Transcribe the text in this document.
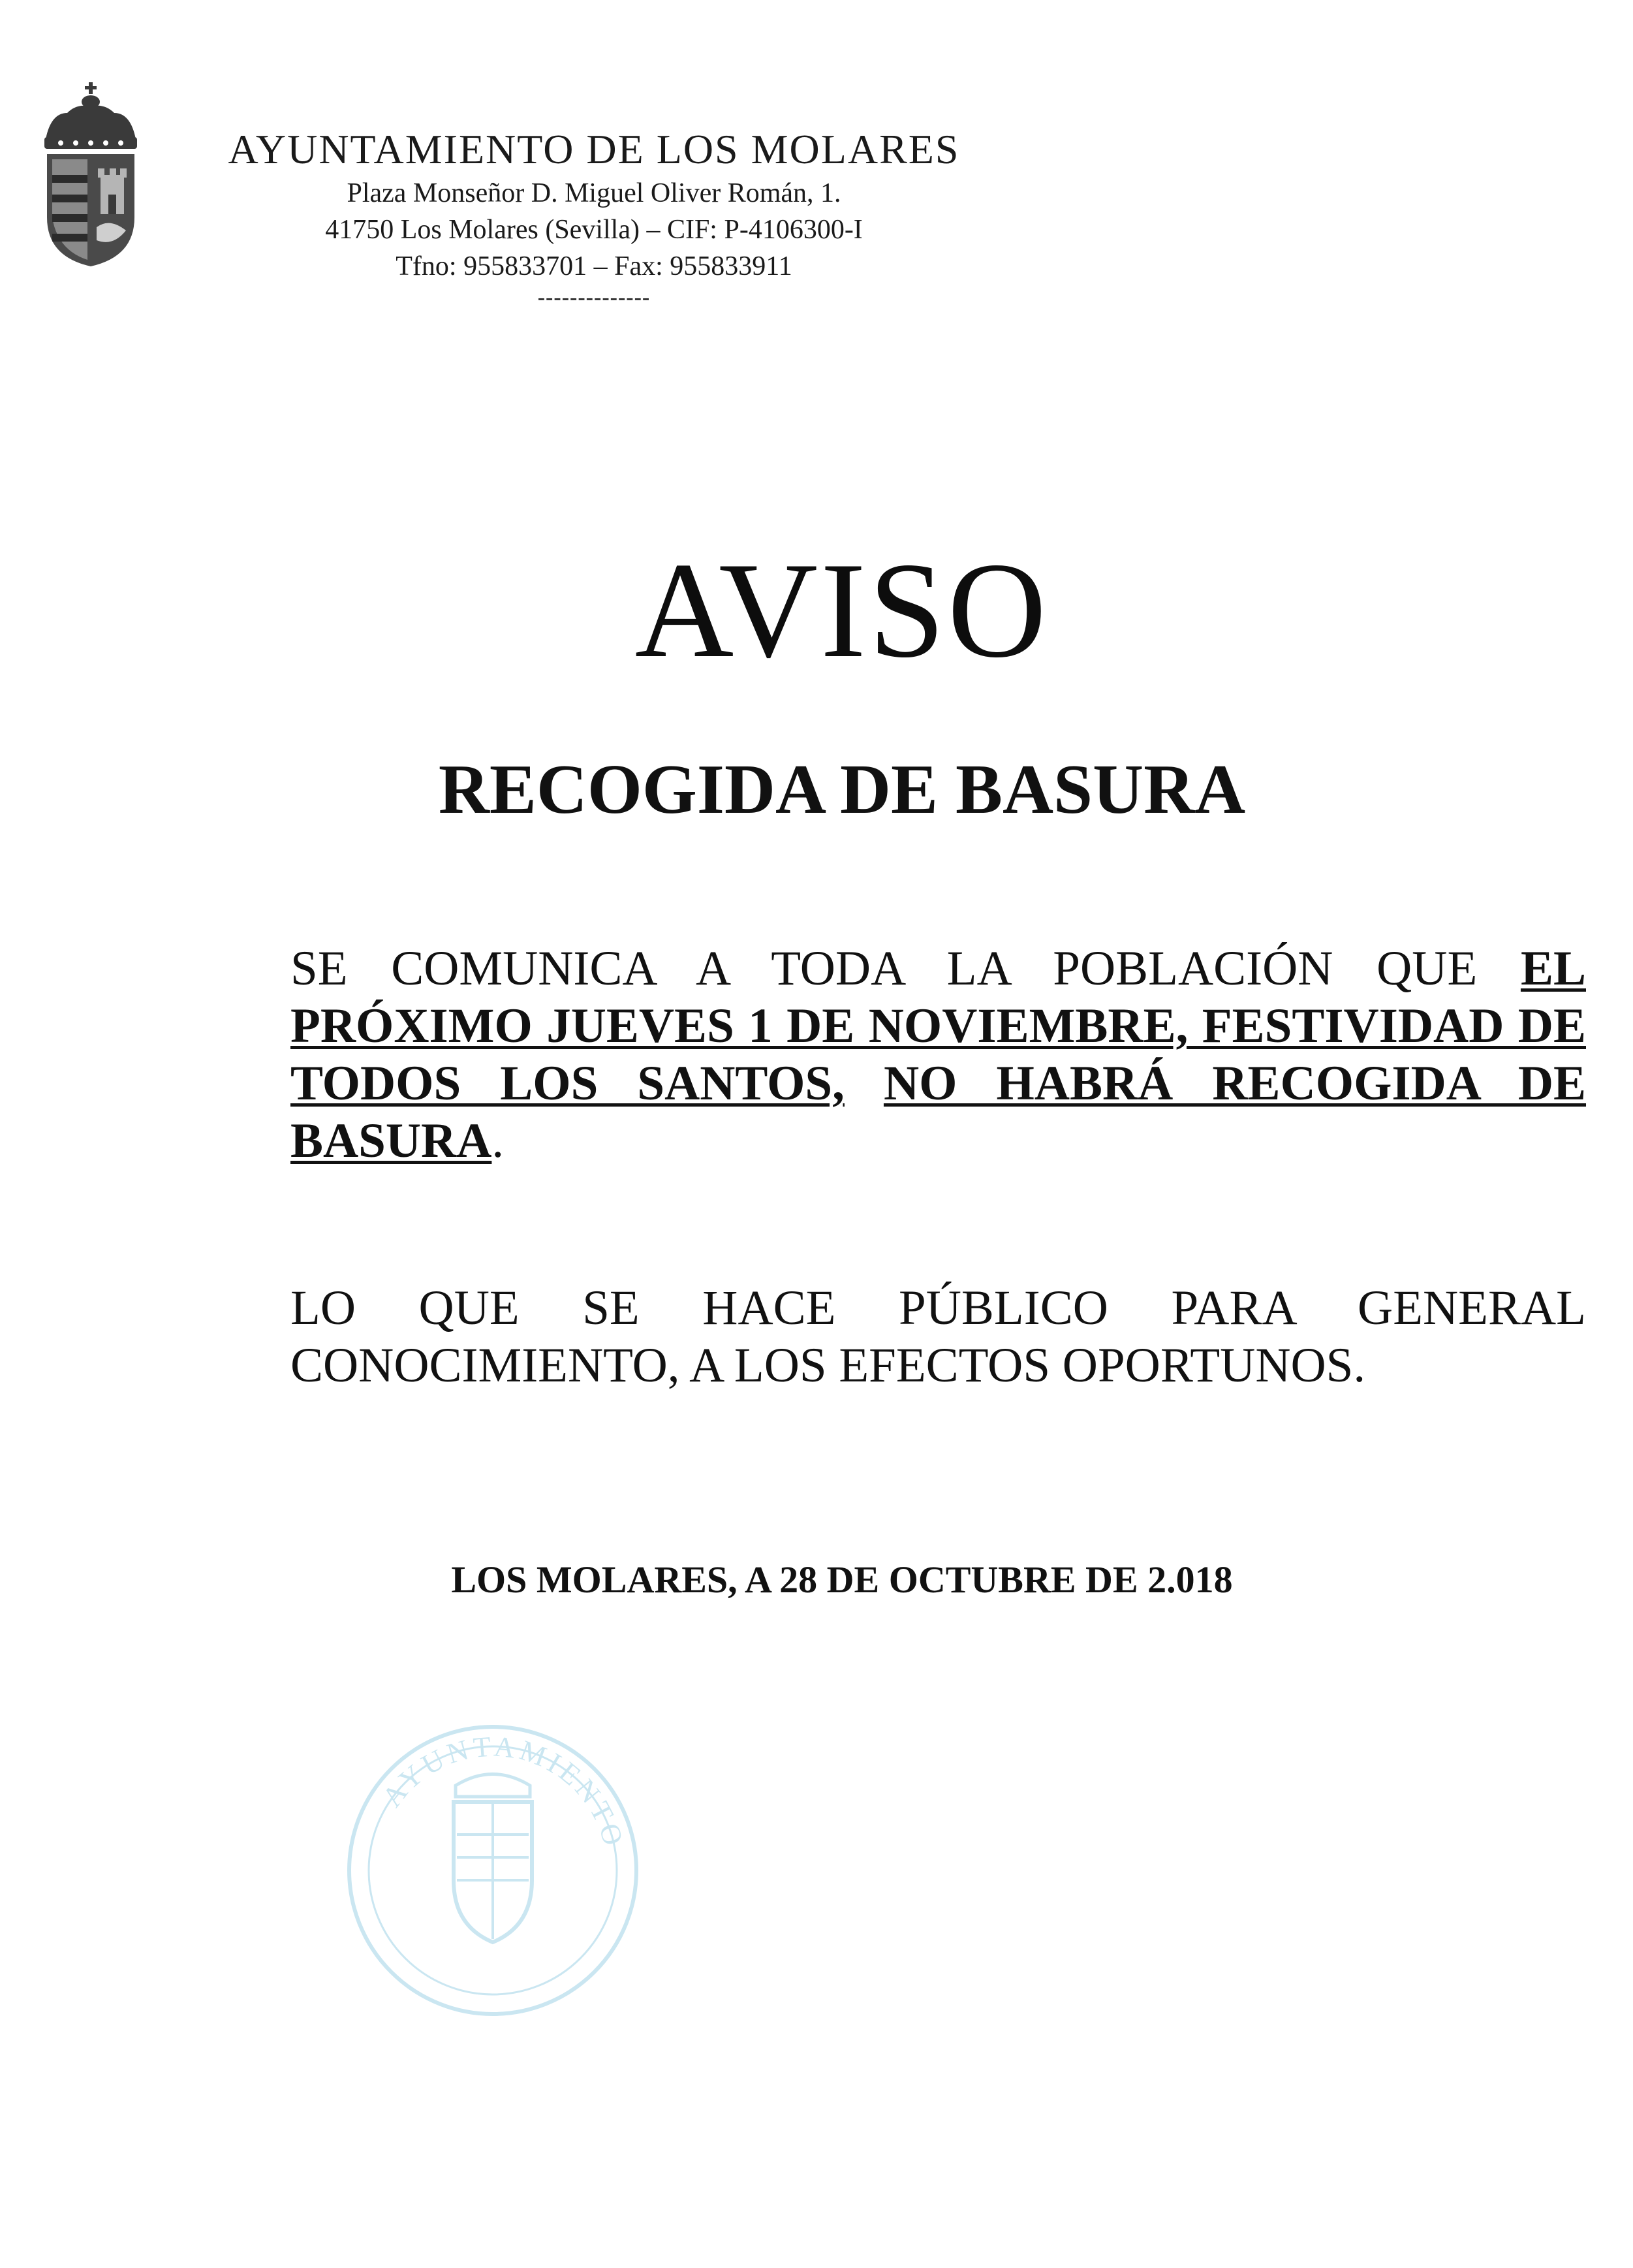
AYUNTAMIENTO DE LOS MOLARES
Plaza Monseñor D. Miguel Oliver Román, 1.
41750 Los Molares (Sevilla) – CIF: P-4106300-I
Tfno: 955833701 – Fax: 955833911
--------------
AVISO
RECOGIDA DE BASURA
SE COMUNICA A TODA LA POBLACIÓN QUE EL PRÓXIMO JUEVES 1 DE NOVIEMBRE, FESTIVIDAD DE TODOS LOS SANTOS, NO HABRÁ RECOGIDA DE BASURA.
LO QUE SE HACE PÚBLICO PARA GENERAL CONOCIMIENTO, A LOS EFECTOS OPORTUNOS.
LOS MOLARES, A 28 DE OCTUBRE DE 2.018
AYUNTAMIENTO
